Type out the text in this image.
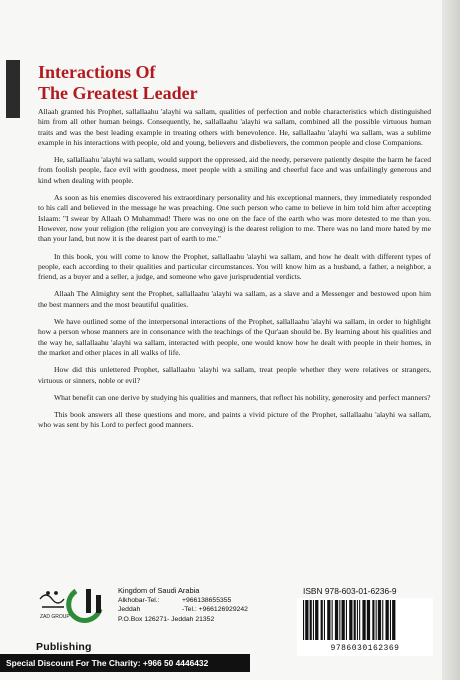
Interactions Of
The Greatest Leader

Allaah granted his Prophet, sallallaahu 'alayhi wa sallam, qualities of perfection and noble characteristics which distinguished him from all other human beings. Consequently, he, sallallaahu 'alayhi wa sallam, combined all the possible virtuous human traits and was the best leading example in treating others with benevolence. He, sallallaahu 'alayhi wa sallam, was a sublime example in his interactions with people, old and young, believers and disbelievers, the common people and close Companions.

He, sallallaahu 'alayhi wa sallam, would support the oppressed, aid the needy, persevere patiently despite the harm he faced from foolish people, face evil with goodness, meet people with a smiling and cheerful face and was unfailingly generous and kind when dealing with people.

As soon as his enemies discovered his extraordinary personality and his exceptional manners, they immediately responded to his call and believed in the message he was preaching. One such person who came to believe in him told him after accepting Islaam: "I swear by Allaah O Muhammad! There was no one on the face of the earth who was more detested to me than you. However, now your religion (the religion you are conveying) is the dearest religion to me. There was no land more hated by me than your land, but now it is the dearest part of earth to me."

In this book, you will come to know the Prophet, sallallaahu 'alayhi wa sallam, and how he dealt with different types of people, each according to their qualities and particular circumstances. You will know him as a husband, a father, a neighbor, a friend, as a buyer and a seller, a judge, and someone who gave jurisprudential verdicts.

Allaah The Almighty sent the Prophet, sallallaahu 'alayhi wa sallam, as a slave and a Messenger and bestowed upon him the best manners and the most beautiful qualities.

We have outlined some of the interpersonal interactions of the Prophet, sallallaahu 'alayhi wa sallam, in order to highlight how a person whose manners are in consonance with the teachings of the Qur'aan should be. By learning about his qualities and the way he, sallallaahu 'alayhi wa sallam, interacted with people, one would know how he dealt with people in their homes, in the market and other places in all walks of life.

How did this unlettered Prophet, sallallaahu 'alayhi wa sallam, treat people whether they were relatives or strangers, virtuous or sinners, noble or evil?

What benefit can one derive by studying his qualities and manners, that reflect his nobility, generosity and perfect manners?

This book answers all these questions and more, and paints a vivid picture of the Prophet, sallallaahu 'alayhi wa sallam, who was sent by his Lord to perfect good manners.

ZAD GROUP
Publishing
Kingdom of Saudi Arabia
Alkhobar-Tel.:	+966138655355
Jeddah	-Tel.: +966126929242
P.O.Box 126271- Jeddah 21352
ISBN 978-603-01-6236-9
9786030162369
Special Discount For The Charity: +966 50 4446432
